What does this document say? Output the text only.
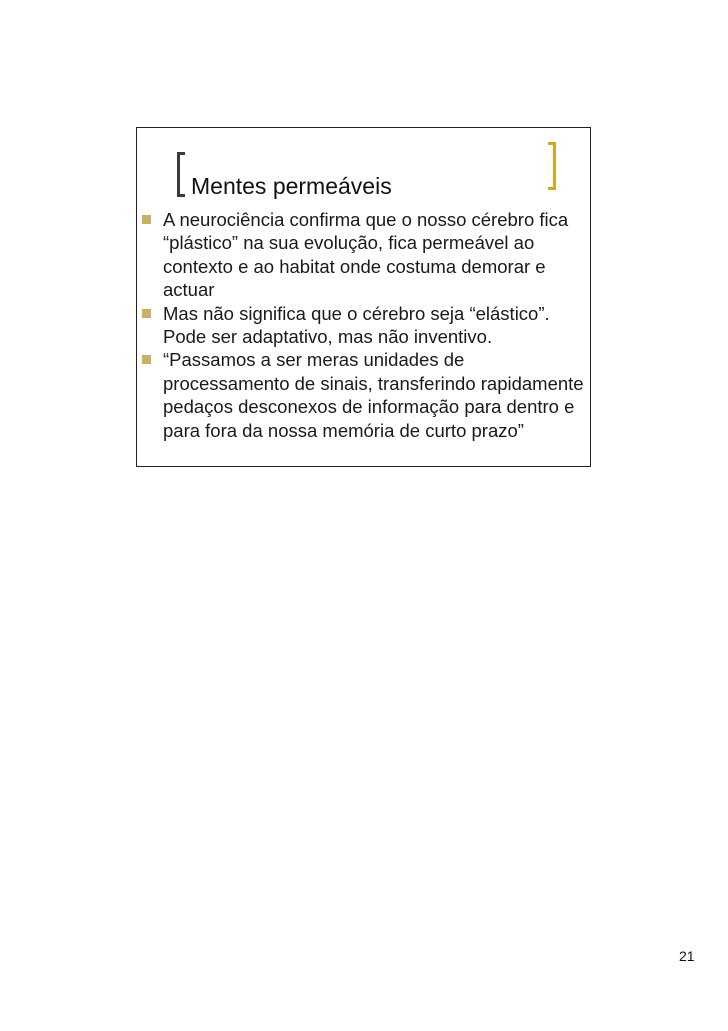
Mentes permeáveis
A neurociência confirma que o nosso cérebro fica “plástico” na sua evolução, fica permeável ao contexto e ao habitat onde costuma demorar e actuar
Mas não significa que o cérebro seja “elástico”. Pode ser adaptativo, mas não inventivo.
“Passamos a ser meras unidades de processamento de sinais, transferindo rapidamente pedaços desconexos de informação para dentro e para fora da nossa memória de curto prazo”
21
